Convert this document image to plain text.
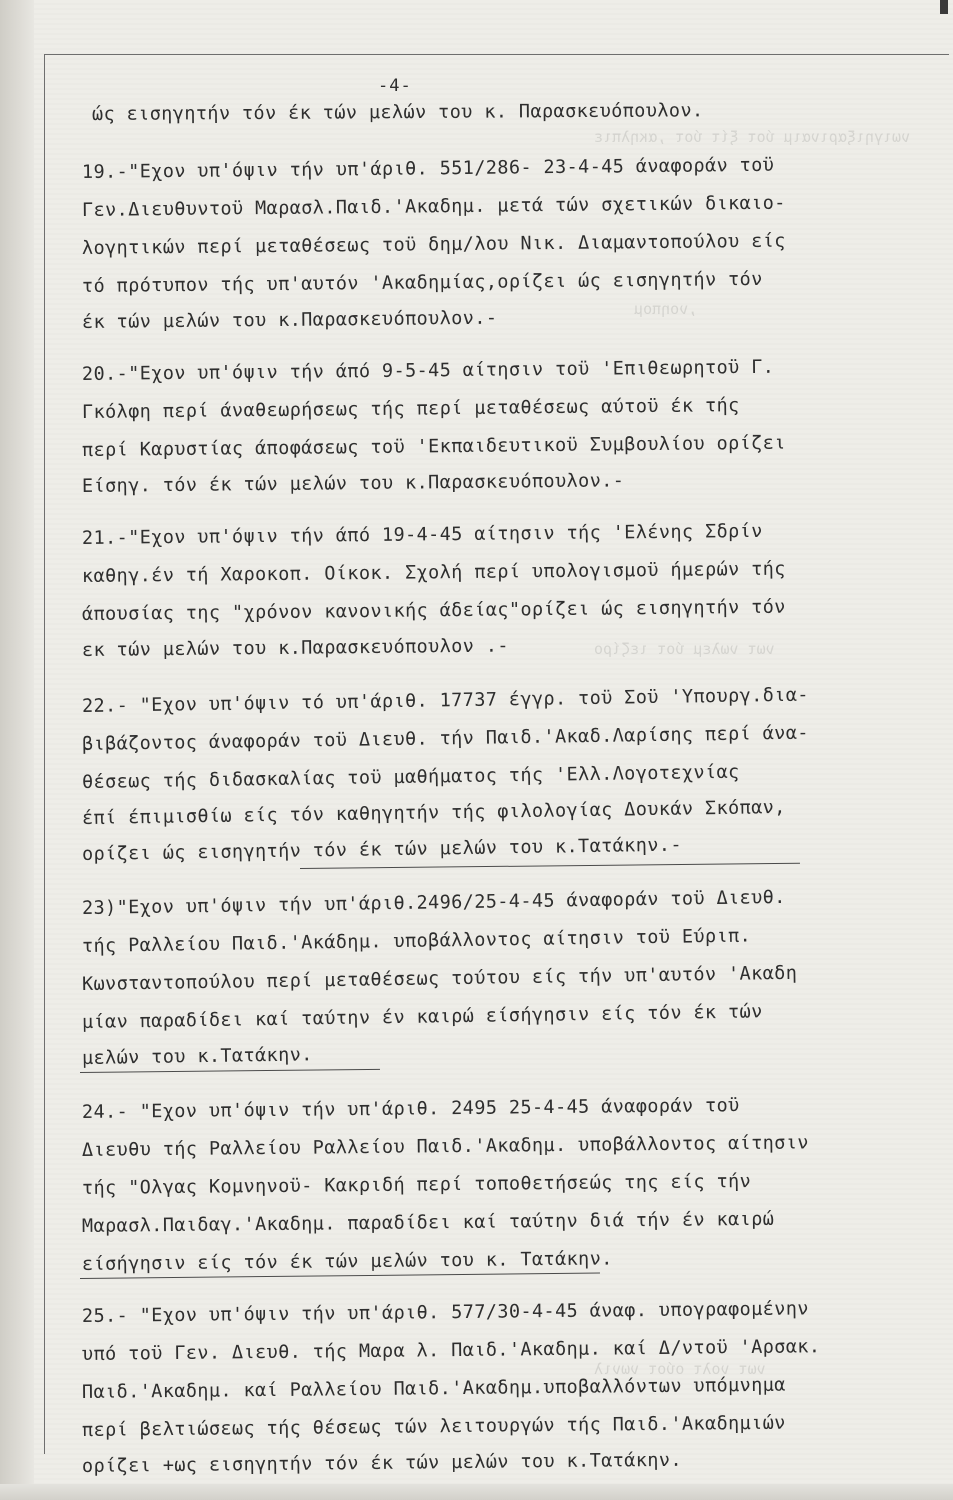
νωιγηιξαριναιμ ύοτ ξίτ ύοτ ,ακηλπιε
,νοηπομ
νωτ νωλεμ ύοτ ιεζίρο
νωτ νολτ ούοτ νωνιλ
-4-
ώς εισηγητήν τόν έκ τών μελών του κ. Παρασκευόπουλον.
19.-"Εχον υπ'όψιν τήν υπ'άριθ. 551/286- 23-4-45 άναφοράν τοϋ
Γεν.Διευθυντοϋ Μαρασλ.Παιδ.'Ακαδημ. μετά τών σχετικών δικαιο-
λογητικών περί μεταθέσεως τοϋ δημ/λου Νικ. Διαμαντοπούλου είς
τό πρότυπον τής υπ'αυτόν 'Ακαδημίας,ορίζει ώς εισηγητήν τόν
έκ τών μελών του κ.Παρασκευόπουλον.-
20.-"Εχον υπ'όψιν τήν άπό 9-5-45 αίτησιν τοϋ 'Επιθεωρητοϋ Γ.
Γκόλφη περί άναθεωρήσεως τής περί μεταθέσεως αύτοϋ έκ τής
περί Καρυστίας άποφάσεως τοϋ 'Εκπαιδευτικοϋ Συμβουλίου ορίζει
Είσηγ. τόν έκ τών μελών του κ.Παρασκευόπουλον.-
21.-"Εχον υπ'όψιν τήν άπό 19-4-45 αίτησιν τής 'Ελένης Σδρίν
καθηγ.έν τή Χαροκοπ. Οίκοκ. Σχολή περί υπολογισμοϋ ήμερών τής
άπουσίας της "χρόνον κανονικής άδείας"ορίζει ώς εισηγητήν τόν
εκ τών μελών του κ.Παρασκευόπουλον .-
22.- "Εχον υπ'όψιν τό υπ'άριθ. 17737 έγγρ. τοϋ Σοϋ 'Υπουργ.δια-
βιβάζοντος άναφοράν τοϋ Διευθ. τήν Παιδ.'Ακαδ.Λαρίσης περί άνα-
θέσεως τής διδασκαλίας τοϋ μαθήματος τής 'Ελλ.Λογοτεχνίας
έπί έπιμισθίω είς τόν καθηγητήν τής φιλολογίας Δουκάν Σκόπαν,
ορίζει ώς εισηγητήν τόν έκ τών μελών του κ.Τατάκην.-
23)"Εχον υπ'όψιν τήν υπ'άριθ.2496/25-4-45 άναφοράν τοϋ Διευθ.
τής Ραλλείου Παιδ.'Ακάδημ. υποβάλλοντος αίτησιν τοϋ Εύριπ.
Κωνσταντοπούλου περί μεταθέσεως τούτου είς τήν υπ'αυτόν 'Ακαδη
μίαν παραδίδει καί ταύτην έν καιρώ είσήγησιν είς τόν έκ τών
μελών του κ.Τατάκην.
24.- "Εχον υπ'όψιν τήν υπ'άριθ. 2495 25-4-45 άναφοράν τοϋ
Διευθυ τής Ραλλείου Ραλλείου Παιδ.'Ακαδημ. υποβάλλοντος αίτησιν
τής "Ολγας Κομνηνοϋ- Κακριδή περί τοποθετήσεώς της είς τήν
Μαρασλ.Παιδαγ.'Ακαδημ. παραδίδει καί ταύτην διά τήν έν καιρώ
είσήγησιν είς τόν έκ τών μελών του κ. Τατάκην.
25.- "Εχον υπ'όψιν τήν υπ'άριθ. 577/30-4-45 άναφ. υπογραφομένην
υπό τοϋ Γεν. Διευθ. τής Μαρα λ. Παιδ.'Ακαδημ. καί Δ/ντοϋ 'Αρσακ.
Παιδ.'Ακαδημ. καί Ραλλείου Παιδ.'Ακαδημ.υποβαλλόντων υπόμνημα
περί βελτιώσεως τής θέσεως τών λειτουργών τής Παιδ.'Ακαδημιών
ορίζει +ως εισηγητήν τόν έκ τών μελών του κ.Τατάκην.
